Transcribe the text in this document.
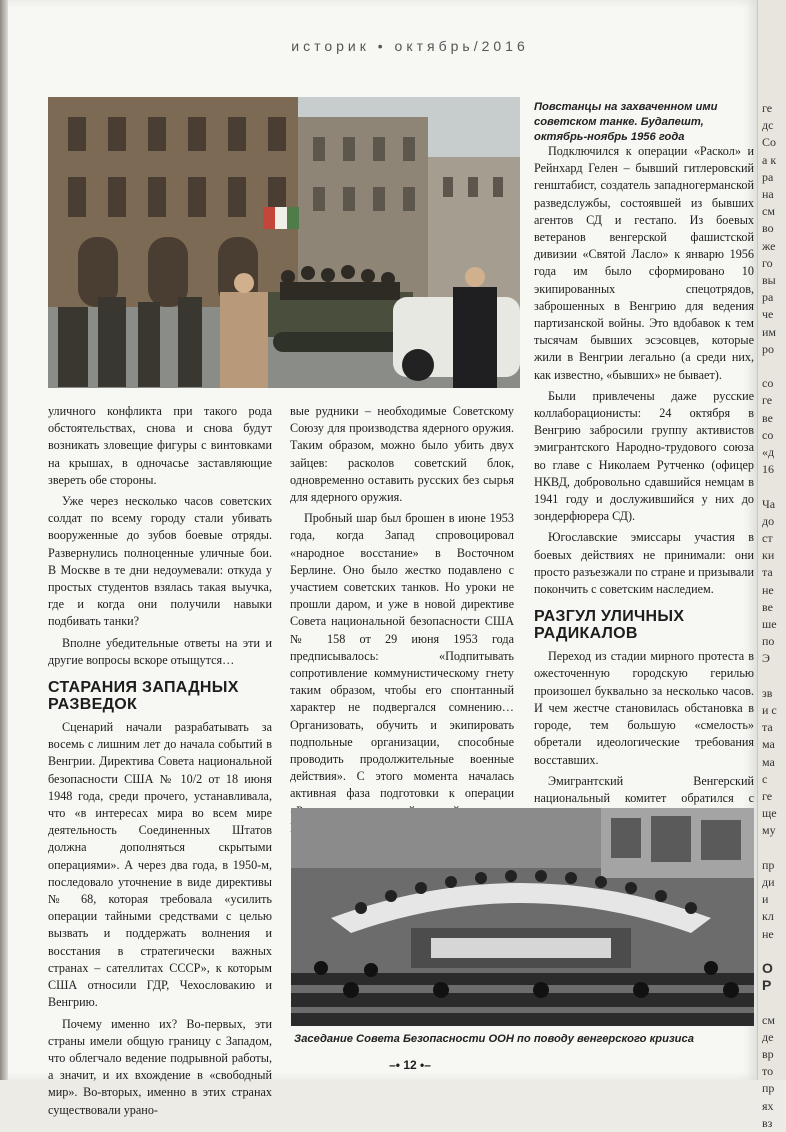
историк • октябрь/2016
Повстанцы на захваченном ими советском танке. Будапешт, октябрь-ноябрь 1956 года

уличного конфликта при такого рода обстоятельствах, снова и снова будут возникать зловещие фигуры с винтовками на крышах, в одночасье заставляющие зверeть обе стороны.

Уже через несколько часов советских солдат по всему городу стали убивать вооруженные до зубов боевые отряды. Развернулись полноценные уличные бои. В Москве в те дни недоумевали: откуда у простых студентов взялась такая выучка, где и когда они получили навыки подбивать танки?

Вполне убедительные ответы на эти и другие вопросы вскоре отыщутся…

СТАРАНИЯ ЗАПАДНЫХ РАЗВЕДОК

Сценарий начали разрабатывать за восемь с лишним лет до начала событий в Венгрии. Директива Совета национальной безопасности США № 10/2 от 18 июня 1948 года, среди прочего, устанавливала, что «в интересах мира во всем мире деятельность Соединенных Штатов должна дополняться скрытыми операциями». А через два года, в 1950-м, последовало уточнение в виде директивы № 68, которая требовала «усилить операции тайными средствами с целью вызвать и поддержать волнения и восстания в стратегически важных странах – сателлитах СССР», к которым США относили ГДР, Чехословакию и Венгрию.

Почему именно их? Во-первых, эти страны имели общую границу с Западом, что облегчало ведение подрывной работы, а значит, и их вхождение в «свободный мир». Во-вторых, именно в этих странах существовали урано-

вые рудники – необходимые Советскому Союзу для производства ядерного оружия. Таким образом, можно было убить двух зайцев: расколов советский блок, одновременно оставить русских без сырья для ядерного оружия.

Пробный шар был брошен в июне 1953 года, когда Запад спровоцировал «народное восстание» в Восточном Берлине. Оно было жестко подавлено с участием советских танков. Но уроки не прошли даром, и уже в новой директиве Совета национальной безопасности США № 158 от 29 июня 1953 года предписывалось: «Подпитывать сопротивление коммунистическому гнету таким образом, чтобы его спонтанный характер не подвергался сомнению… Организовать, обучить и экипировать подпольные организации, способные проводить продолжительные военные действия». С этого момента началась активная фаза подготовки к операции

Подключился к операции «Раскол» и Рейнхард Гелен – бывший гитлеровский генштабист, создатель западногерманской разведслужбы, состоявшей из бывших агентов СД и гестапо. Из боевых ветеранов венгерской фашистской дивизии «Святой Ласло» к январю 1956 года им было сформировано 10 экипированных спецотрядов, заброшенных в Венгрию для ведения партизанской войны. Это вдобавок к тем тысячам бывших эсэсовцев, которые жили в Венгрии легально (а среди них, как известно, «бывших» не бывает).

Были привлечены даже русские коллаборационисты: 24 октября в Венгрию забросили группу активистов эмигрантского Народно-трудового союза во главе с Николаем Рутченко (офицер НКВД, добровольно сдавшийся немцам в 1941 году и дослужившийся у них до зондерфюрера СД).

Югославские эмиссары участия в боевых действиях не принимали: они просто разъезжали по стране и призывали покончить с советским наследием.

РАЗГУЛ УЛИЧНЫХ РАДИКАЛОВ

Переход из стадии мирного протеста в ожесточенную городскую герилью произошел буквально за несколько часов. И чем жестче становилась обстановка в городе, тем большую «смелость» обретали идеологические требования восставших.

Эмигрантский Венгерский национальный комитет обратился с

Заседание Совета Безопасности ООН по поводу венгерского кризиса
–• 12 •–
ге
дс
Со
а к
ра
на
см
во
же
го
вы
ра
че
им
ро
со
ге
ве
со
«д
16
Ча
до
ст
ки
та
не
ве
ше
по
Э
зв
и с
та
ма
ма
с
ге
ще
му
пр
ди
и
кл
не
О
Р
см
де
вр
то
пр
ях
вз
